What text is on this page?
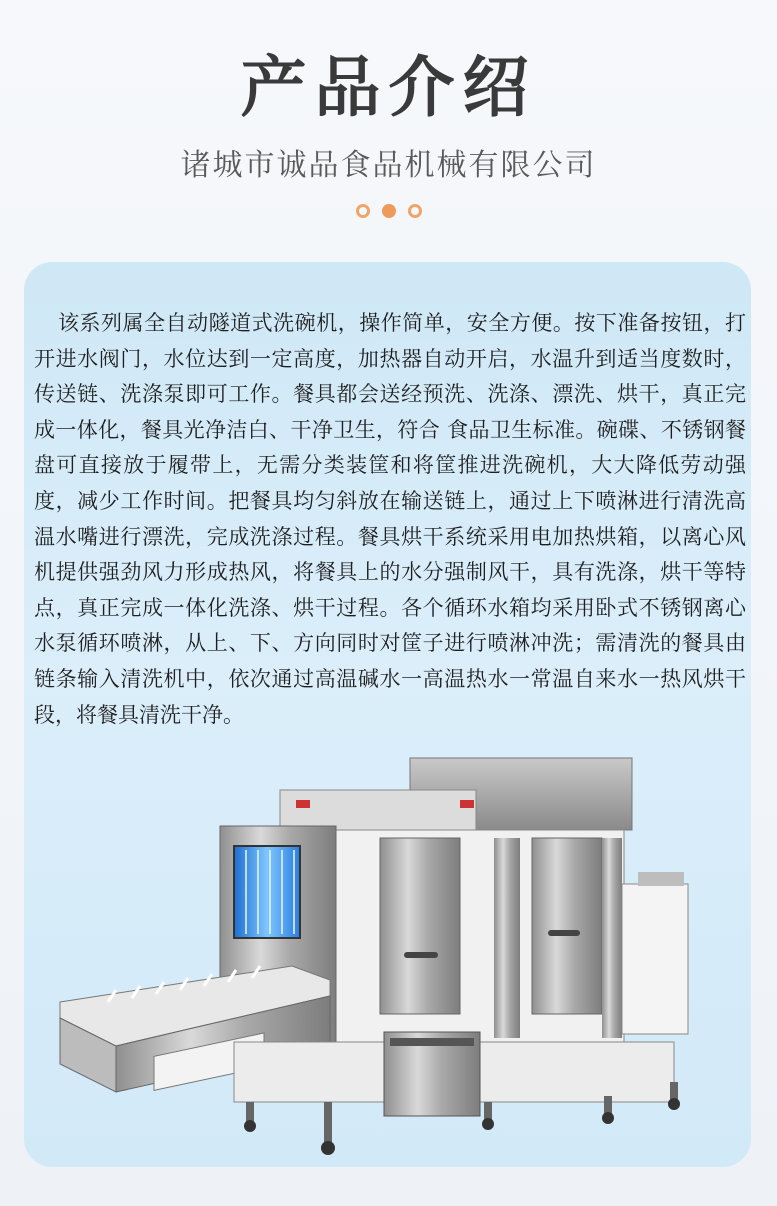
产品介绍
诸城市诚品食品机械有限公司
该系列属全自动隧道式洗碗机，操作简单，安全方便。按下准备按钮，打开进水阀门，水位达到一定高度，加热器自动开启，水温升到适当度数时，传送链、洗涤泵即可工作。餐具都会送经预洗、洗涤、漂洗、烘干，真正完成一体化，餐具光净洁白、干净卫生，符合 食品卫生标准。碗碟、不锈钢餐盘可直接放于履带上，无需分类装筐和将筐推进洗碗机，大大降低劳动强度，减少工作时间。把餐具均匀斜放在输送链上，通过上下喷淋进行清洗高温水嘴进行漂洗，完成洗涤过程。餐具烘干系统采用电加热烘箱，以离心风机提供强劲风力形成热风，将餐具上的水分强制风干，具有洗涤，烘干等特点，真正完成一体化洗涤、烘干过程。各个循环水箱均采用卧式不锈钢离心水泵循环喷淋，从上、下、方向同时对筐子进行喷淋冲洗；需清洗的餐具由链条输入清洗机中，依次通过高温碱水一高温热水一常温自来水一热风烘干段，将餐具清洗干净。
